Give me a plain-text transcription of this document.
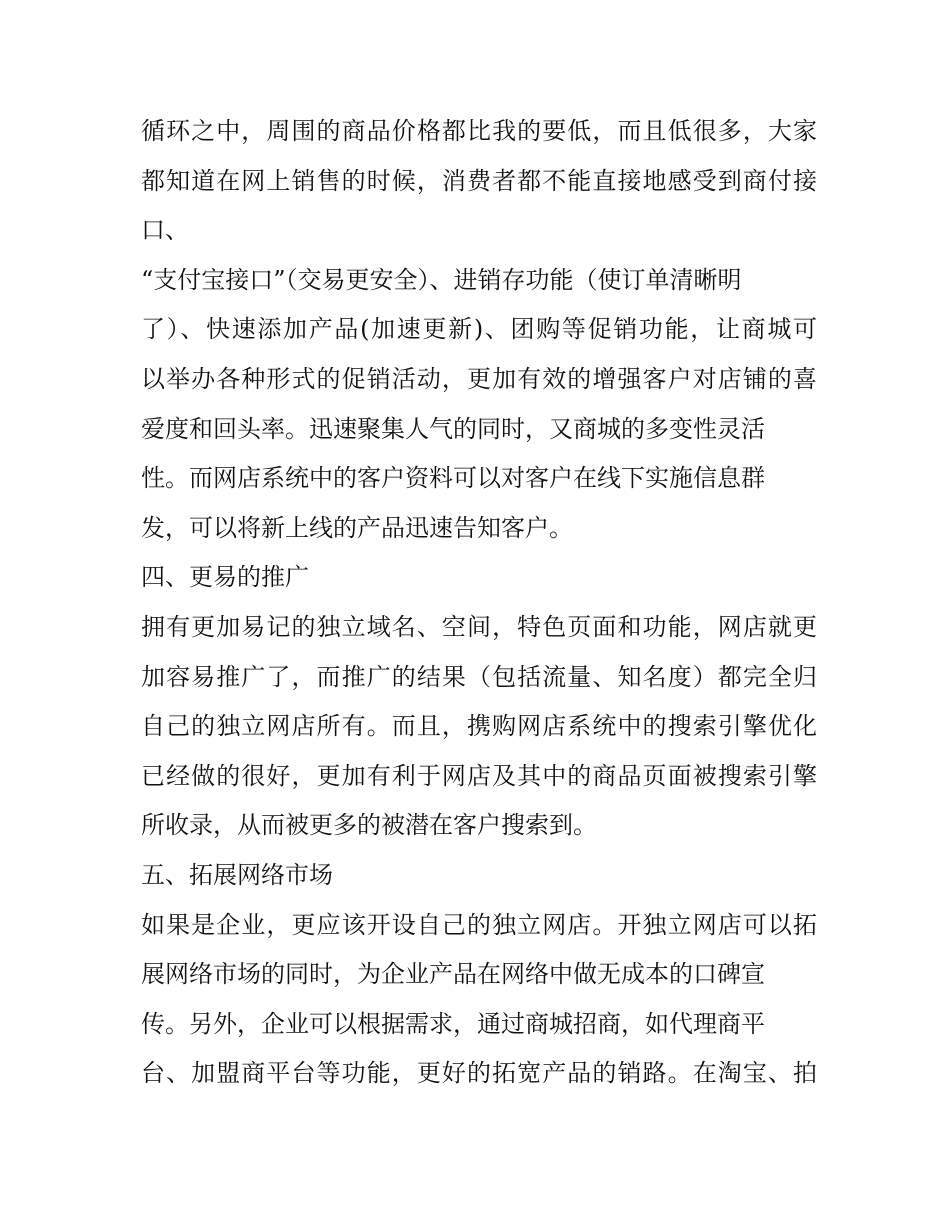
循环之中，周围的商品价格都比我的要低，而且低很多，大家
都知道在网上销售的时候，消费者都不能直接地感受到商付接
口、
“支付宝接口”（交易更安全）、进销存功能（使订单清晰明
了）、快速添加产品(加速更新)、团购等促销功能，让商城可
以举办各种形式的促销活动，更加有效的增强客户对店铺的喜
爱度和回头率。迅速聚集人气的同时，又商城的多变性灵活
性。而网店系统中的客户资料可以对客户在线下实施信息群
发，可以将新上线的产品迅速告知客户。
四、更易的推广
拥有更加易记的独立域名、空间，特色页面和功能，网店就更
加容易推广了，而推广的结果（包括流量、知名度）都完全归
自己的独立网店所有。而且，携购网店系统中的搜索引擎优化
已经做的很好，更加有利于网店及其中的商品页面被搜索引擎
所收录，从而被更多的被潜在客户搜索到。
五、拓展网络市场
如果是企业，更应该开设自己的独立网店。开独立网店可以拓
展网络市场的同时，为企业产品在网络中做无成本的口碑宣
传。另外，企业可以根据需求，通过商城招商，如代理商平
台、加盟商平台等功能，更好的拓宽产品的销路。在淘宝、拍
